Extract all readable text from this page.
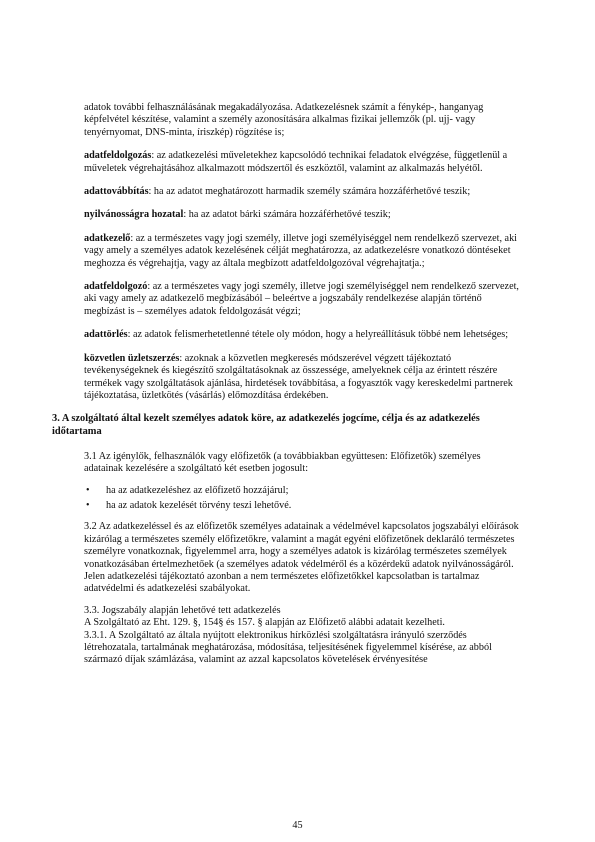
adatok további felhasználásának megakadályozása. Adatkezelésnek számít a fénykép-, hanganyag képfelvétel készítése, valamint a személy azonosítására alkalmas fizikai jellemzők (pl. ujj- vagy tenyérnyomat, DNS-minta, íriszkép) rögzítése is;

adatfeldolgozás: az adatkezelési műveletekhez kapcsolódó technikai feladatok elvégzése, függetlenül a műveletek végrehajtásához alkalmazott módszertől és eszköztől, valamint az alkalmazás helyétől.

adattovábbítás: ha az adatot meghatározott harmadik személy számára hozzáférhetővé teszik;

nyilvánosságra hozatal: ha az adatot bárki számára hozzáférhetővé teszik;

adatkezelő: az a természetes vagy jogi személy, illetve jogi személyiséggel nem rendelkező szervezet, aki vagy amely a személyes adatok kezelésének célját meghatározza, az adatkezelésre vonatkozó döntéseket meghozza és végrehajtja, vagy az általa megbízott adatfeldolgozóval végrehajtatja.;

adatfeldolgozó: az a természetes vagy jogi személy, illetve jogi személyiséggel nem rendelkező szervezet, aki vagy amely az adatkezelő megbízásából – beleértve a jogszabály rendelkezése alapján történő megbízást is – személyes adatok feldolgozását végzi;

adattörlés: az adatok felismerhetetlenné tétele oly módon, hogy a helyreállításuk többé nem lehetséges;

közvetlen üzletszerzés: azoknak a közvetlen megkeresés módszerével végzett tájékoztató tevékenységeknek és kiegészítő szolgáltatásoknak az összessége, amelyeknek célja az érintett részére termékek vagy szolgáltatások ajánlása, hirdetések továbbítása, a fogyasztók vagy kereskedelmi partnerek tájékoztatása, üzletkötés (vásárlás) előmozdítása érdekében.

3. A szolgáltató által kezelt személyes adatok köre, az adatkezelés jogcíme, célja és az adatkezelés időtartama

3.1 Az igénylők, felhasználók vagy előfizetők (a továbbiakban együttesen: Előfizetők) személyes adatainak kezelésére a szolgáltató két esetben jogosult:

• ha az adatkezeléshez az előfizető hozzájárul;
• ha az adatok kezelését törvény teszi lehetővé.

3.2 Az adatkezeléssel és az előfizetők személyes adatainak a védelmével kapcsolatos jogszabályi előírások kizárólag a természetes személy előfizetőkre, valamint a magát egyéni előfizetőnek deklaráló természetes személyre vonatkoznak, figyelemmel arra, hogy a személyes adatok is kizárólag természetes személyek vonatkozásában értelmezhetőek (a személyes adatok védelméről és a közérdekű adatok nyilvánosságáról.

Jelen adatkezelési tájékoztató azonban a nem természetes előfizetőkkel kapcsolatban is tartalmaz adatvédelmi és adatkezelési szabályokat.

3.3. Jogszabály alapján lehetővé tett adatkezelés

A Szolgáltató az Eht. 129. §, 154§ és 157. § alapján az Előfizető alábbi adatait kezelheti.

3.3.1. A Szolgáltató az általa nyújtott elektronikus hírközlési szolgáltatásra irányuló szerződés létrehozatala, tartalmának meghatározása, módosítása, teljesítésének figyelemmel kísérése, az abból származó díjak számlázása, valamint az azzal kapcsolatos követelések érvényesítése

45
